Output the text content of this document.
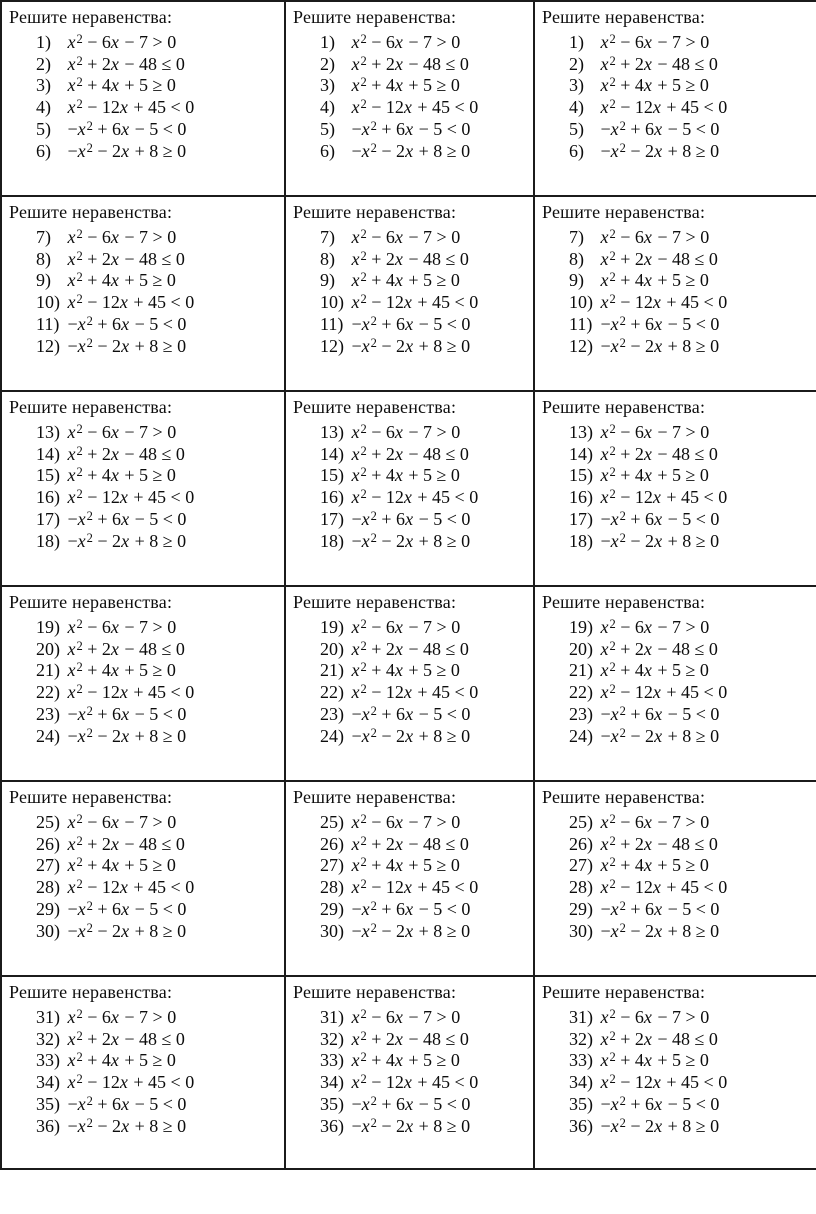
Решите неравенства:
1) $x^2 - 6x - 7 > 0$
2) $x^2 + 2x - 48 \le 0$
3) $x^2 + 4x + 5 \ge 0$
4) $x^2 - 12x + 45 < 0$
$5) -x^2 + 6x - 5 < 0$
$6) -x^2 - 2x + 8 \ge 0$
Решите неравенства:
1) $x^2 - 6x - 7 > 0$
2) $x^2 + 2x - 48 \le 0$
3) $x^2 + 4x + 5 \ge 0$
4) $x^2 - 12x + 45 < 0$
$5) -x^2 + 6x - 5 < 0$
$6) -x^2 - 2x + 8 \ge 0$
Решите неравенства:
1) $x^2 - 6x - 7 > 0$
2) $x^2 + 2x - 48 \le 0$
3) $x^2 + 4x + 5 \ge 0$
4) $x^2 - 12x + 45 < 0$
$5) -x^2 + 6x - 5 < 0$
$6) -x^2 - 2x + 8 \ge 0$
Решите неравенства:
7) $x^2 - 6x - 7 > 0$
8) $x^2 + 2x - 48 \le 0$
9) $x^2 + 4x + 5 \ge 0$
10) $x^2 - 12x + 45 < 0$
$11) -x^2 + 6x - 5 < 0$
$12) -x^2 - 2x + 8 \ge 0$
Решите неравенства:
7) $x^2 - 6x - 7 > 0$
8) $x^2 + 2x - 48 \le 0$
9) $x^2 + 4x + 5 \ge 0$
10) $x^2 - 12x + 45 < 0$
$11) -x^2 + 6x - 5 < 0$
$12) -x^2 - 2x + 8 \ge 0$
Решите неравенства:
7) $x^2 - 6x - 7 > 0$
8) $x^2 + 2x - 48 \le 0$
9) $x^2 + 4x + 5 \ge 0$
10) $x^2 - 12x + 45 < 0$
$11) -x^2 + 6x - 5 < 0$
$12) -x^2 - 2x + 8 \ge 0$
Решите неравенства:
13) $x^2 - 6x - 7 > 0$
14) $x^2 + 2x - 48 \le 0$
15) $x^2 + 4x + 5 \ge 0$
16) $x^2 - 12x + 45 < 0$
$17) -x^2 + 6x - 5 < 0$
$18) -x^2 - 2x + 8 \ge 0$
Решите неравенства:
13) $x^2 - 6x - 7 > 0$
14) $x^2 + 2x - 48 \le 0$
15) $x^2 + 4x + 5 \ge 0$
16) $x^2 - 12x + 45 < 0$
$17) -x^2 + 6x - 5 < 0$
$18) -x^2 - 2x + 8 \ge 0$
Решите неравенства:
13) $x^2 - 6x - 7 > 0$
14) $x^2 + 2x - 48 \le 0$
15) $x^2 + 4x + 5 \ge 0$
16) $x^2 - 12x + 45 < 0$
$17) -x^2 + 6x - 5 < 0$
$18) -x^2 - 2x + 8 \ge 0$
Решите неравенства:
19) $x^2 - 6x - 7 > 0$
20) $x^2 + 2x - 48 \le 0$
21) $x^2 + 4x + 5 \ge 0$
22) $x^2 - 12x + 45 < 0$
$23) -x^2 + 6x - 5 < 0$
$24) -x^2 - 2x + 8 \ge 0$
Решите неравенства:
19) $x^2 - 6x - 7 > 0$
20) $x^2 + 2x - 48 \le 0$
21) $x^2 + 4x + 5 \ge 0$
22) $x^2 - 12x + 45 < 0$
$23) -x^2 + 6x - 5 < 0$
$24) -x^2 - 2x + 8 \ge 0$
Решите неравенства:
19) $x^2 - 6x - 7 > 0$
20) $x^2 + 2x - 48 \le 0$
21) $x^2 + 4x + 5 \ge 0$
22) $x^2 - 12x + 45 < 0$
$23) -x^2 + 6x - 5 < 0$
$24) -x^2 - 2x + 8 \ge 0$
Решите неравенства:
25) $x^2 - 6x - 7 > 0$
26) $x^2 + 2x - 48 \le 0$
27) $x^2 + 4x + 5 \ge 0$
28) $x^2 - 12x + 45 < 0$
$29) -x^2 + 6x - 5 < 0$
$30) -x^2 - 2x + 8 \ge 0$
Решите неравенства:
25) $x^2 - 6x - 7 > 0$
26) $x^2 + 2x - 48 \le 0$
27) $x^2 + 4x + 5 \ge 0$
28) $x^2 - 12x + 45 < 0$
$29) -x^2 + 6x - 5 < 0$
$30) -x^2 - 2x + 8 \ge 0$
Решите неравенства:
25) $x^2 - 6x - 7 > 0$
26) $x^2 + 2x - 48 \le 0$
27) $x^2 + 4x + 5 \ge 0$
28) $x^2 - 12x + 45 < 0$
$29) -x^2 + 6x - 5 < 0$
$30) -x^2 - 2x + 8 \ge 0$
Решите неравенства:
31) $x^2 - 6x - 7 > 0$
32) $x^2 + 2x - 48 \le 0$
33) $x^2 + 4x + 5 \ge 0$
34) $x^2 - 12x + 45 < 0$
$35) -x^2 + 6x - 5 < 0$
$36) -x^2 - 2x + 8 \ge 0$
Решите неравенства:
31) $x^2 - 6x - 7 > 0$
32) $x^2 + 2x - 48 \le 0$
33) $x^2 + 4x + 5 \ge 0$
34) $x^2 - 12x + 45 < 0$
$35) -x^2 + 6x - 5 < 0$
$36) -x^2 - 2x + 8 \ge 0$
Решите неравенства:
31) $x^2 - 6x - 7 > 0$
32) $x^2 + 2x - 48 \le 0$
33) $x^2 + 4x + 5 \ge 0$
34) $x^2 - 12x + 45 < 0$
$35) -x^2 + 6x - 5 < 0$
$36) -x^2 - 2x + 8 \ge 0$
